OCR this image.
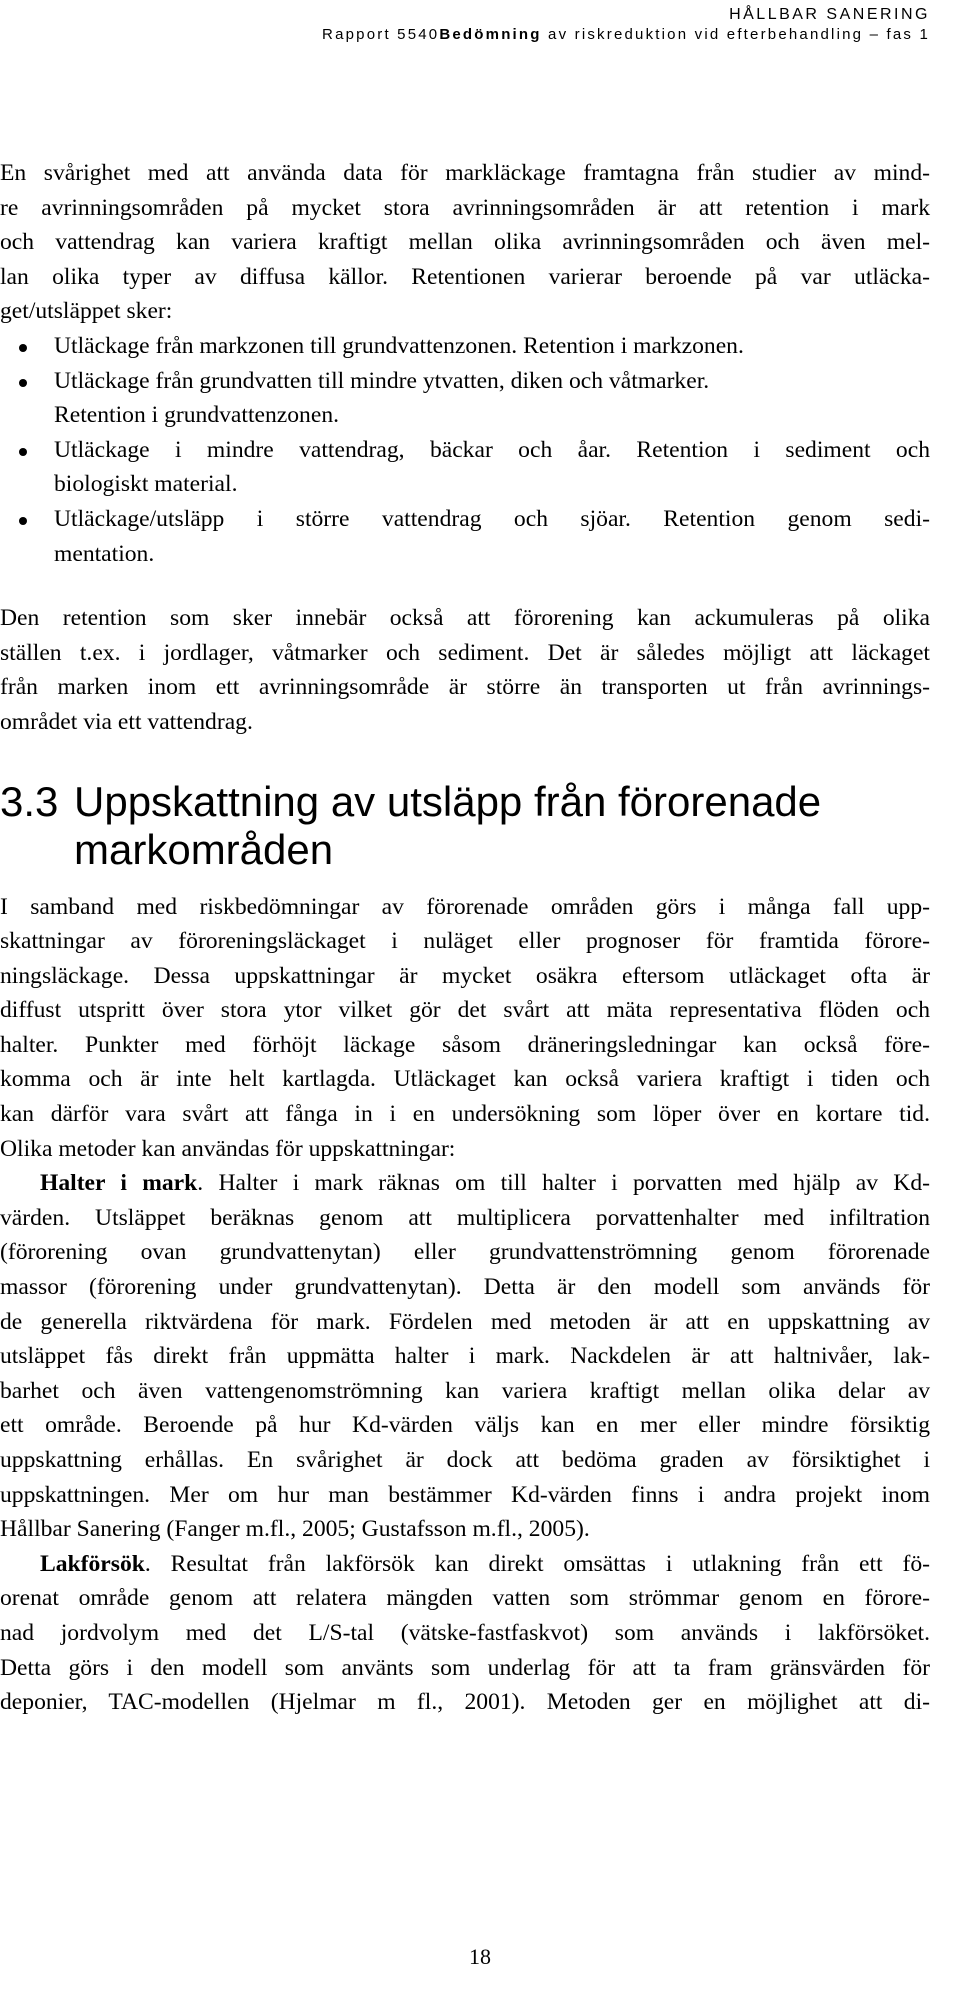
HÅLLBAR SANERING
Rapport 5540Bedömning av riskreduktion vid efterbehandling – fas 1

En svårighet med att använda data för markläckage framtagna från studier av mind-
re avrinningsområden på mycket stora avrinningsområden är att retention i mark
och vattendrag kan variera kraftigt mellan olika avrinningsområden och även mel-
lan olika typer av diffusa källor. Retentionen varierar beroende på var utläcka-
get/utsläppet sker:

Utläckage från markzonen till grundvattenzonen. Retention i markzonen.
Utläckage från grundvatten till mindre ytvatten, diken och våtmarker.
Retention i grundvattenzonen.
Utläckage i mindre vattendrag, bäckar och åar. Retention i sediment och
biologiskt material.
Utläckage/utsläpp i större vattendrag och sjöar. Retention genom sedi-
mentation.

Den retention som sker innebär också att förorening kan ackumuleras på olika
ställen t.ex. i jordlager, våtmarker och sediment. Det är således möjligt att läckaget
från marken inom ett avrinningsområde är större än transporten ut från avrinnings-
området via ett vattendrag.

3.3 Uppskattning av utsläpp från förorenade
markområden

I samband med riskbedömningar av förorenade områden görs i många fall upp-
skattningar av föroreningsläckaget i nuläget eller prognoser för framtida förore-
ningsläckage. Dessa uppskattningar är mycket osäkra eftersom utläckaget ofta är
diffust utspritt över stora ytor vilket gör det svårt att mäta representativa flöden och
halter. Punkter med förhöjt läckage såsom dräneringsledningar kan också före-
komma och är inte helt kartlagda. Utläckaget kan också variera kraftigt i tiden och
kan därför vara svårt att fånga in i en undersökning som löper över en kortare tid.
Olika metoder kan användas för uppskattningar:

Halter i mark. Halter i mark räknas om till halter i porvatten med hjälp av Kd-
värden. Utsläppet beräknas genom att multiplicera porvattenhalter med infiltration
(förorening ovan grundvattenytan) eller grundvattenströmning genom förorenade
massor (förorening under grundvattenytan). Detta är den modell som används för
de generella riktvärdena för mark. Fördelen med metoden är att en uppskattning av
utsläppet fås direkt från uppmätta halter i mark. Nackdelen är att haltnivåer, lak-
barhet och även vattengenomströmning kan variera kraftigt mellan olika delar av
ett område. Beroende på hur Kd-värden väljs kan en mer eller mindre försiktig
uppskattning erhållas. En svårighet är dock att bedöma graden av försiktighet i
uppskattningen. Mer om hur man bestämmer Kd-värden finns i andra projekt inom
Hållbar Sanering (Fanger m.fl., 2005; Gustafsson m.fl., 2005).

Lakförsök. Resultat från lakförsök kan direkt omsättas i utlakning från ett fö-
orenat område genom att relatera mängden vatten som strömmar genom en förore-
nad jordvolym med det L/S-tal (vätske-fastfaskvot) som används i lakförsöket.
Detta görs i den modell som använts som underlag för att ta fram gränsvärden för
deponier, TAC-modellen (Hjelmar m fl., 2001). Metoden ger en möjlighet att di-

18
